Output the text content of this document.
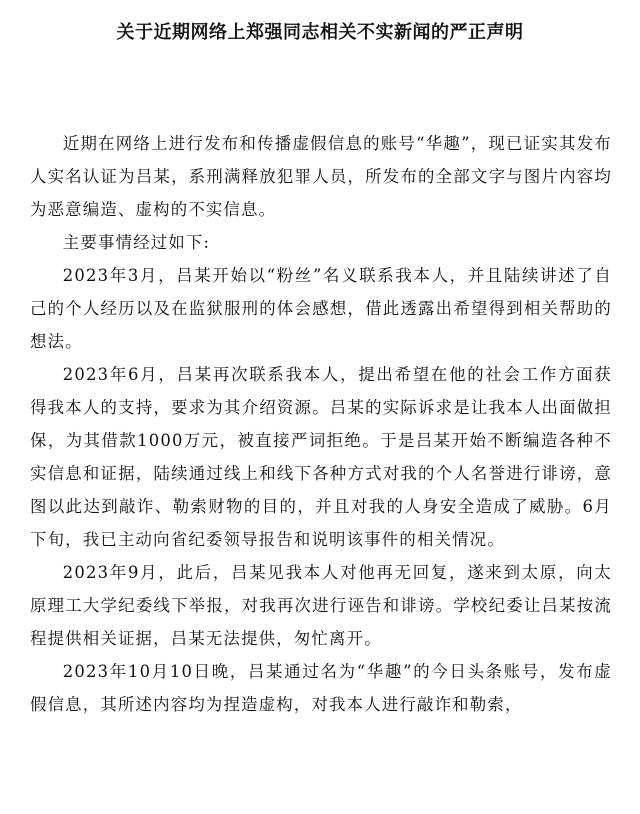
关于近期网络上郑强同志相关不实新闻的严正声明

近期在网络上进行发布和传播虚假信息的账号“华趣”，现已证实其发布人实名认证为吕某，系刑满释放犯罪人员，所发布的全部文字与图片内容均为恶意编造、虚构的不实信息。

主要事情经过如下:

2023年3月，吕某开始以“粉丝”名义联系我本人，并且陆续讲述了自己的个人经历以及在监狱服刑的体会感想，借此透露出希望得到相关帮助的想法。

2023年6月，吕某再次联系我本人，提出希望在他的社会工作方面获得我本人的支持，要求为其介绍资源。吕某的实际诉求是让我本人出面做担保，为其借款1000万元，被直接严词拒绝。于是吕某开始不断编造各种不实信息和证据，陆续通过线上和线下各种方式对我的个人名誉进行诽谤，意图以此达到敲诈、勒索财物的目的，并且对我的人身安全造成了威胁。6月下旬，我已主动向省纪委领导报告和说明该事件的相关情况。

2023年9月，此后，吕某见我本人对他再无回复，遂来到太原，向太原理工大学纪委线下举报，对我再次进行诬告和诽谤。学校纪委让吕某按流程提供相关证据，吕某无法提供，匆忙离开。

2023年10月10日晚，吕某通过名为“华趣”的今日头条账号，发布虚假信息，其所述内容均为捏造虚构，对我本人进行敲诈和勒索，
